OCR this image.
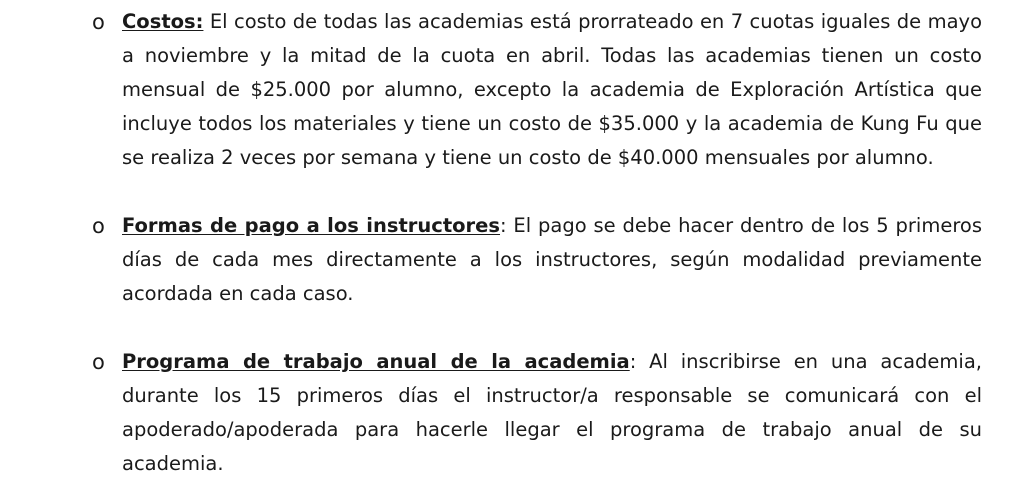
o Costos: El costo de todas las academias está prorrateado en 7 cuotas iguales de mayo a noviembre y la mitad de la cuota en abril. Todas las academias tienen un costo mensual de $25.000 por alumno, excepto la academia de Exploración Artística que incluye todos los materiales y tiene un costo de $35.000 y la academia de Kung Fu que se realiza 2 veces por semana y tiene un costo de $40.000 mensuales por alumno.

o Formas de pago a los instructores: El pago se debe hacer dentro de los 5 primeros días de cada mes directamente a los instructores, según modalidad previamente acordada en cada caso.

o Programa de trabajo anual de la academia: Al inscribirse en una academia, durante los 15 primeros días el instructor/a responsable se comunicará con el apoderado/apoderada para hacerle llegar el programa de trabajo anual de su academia.
